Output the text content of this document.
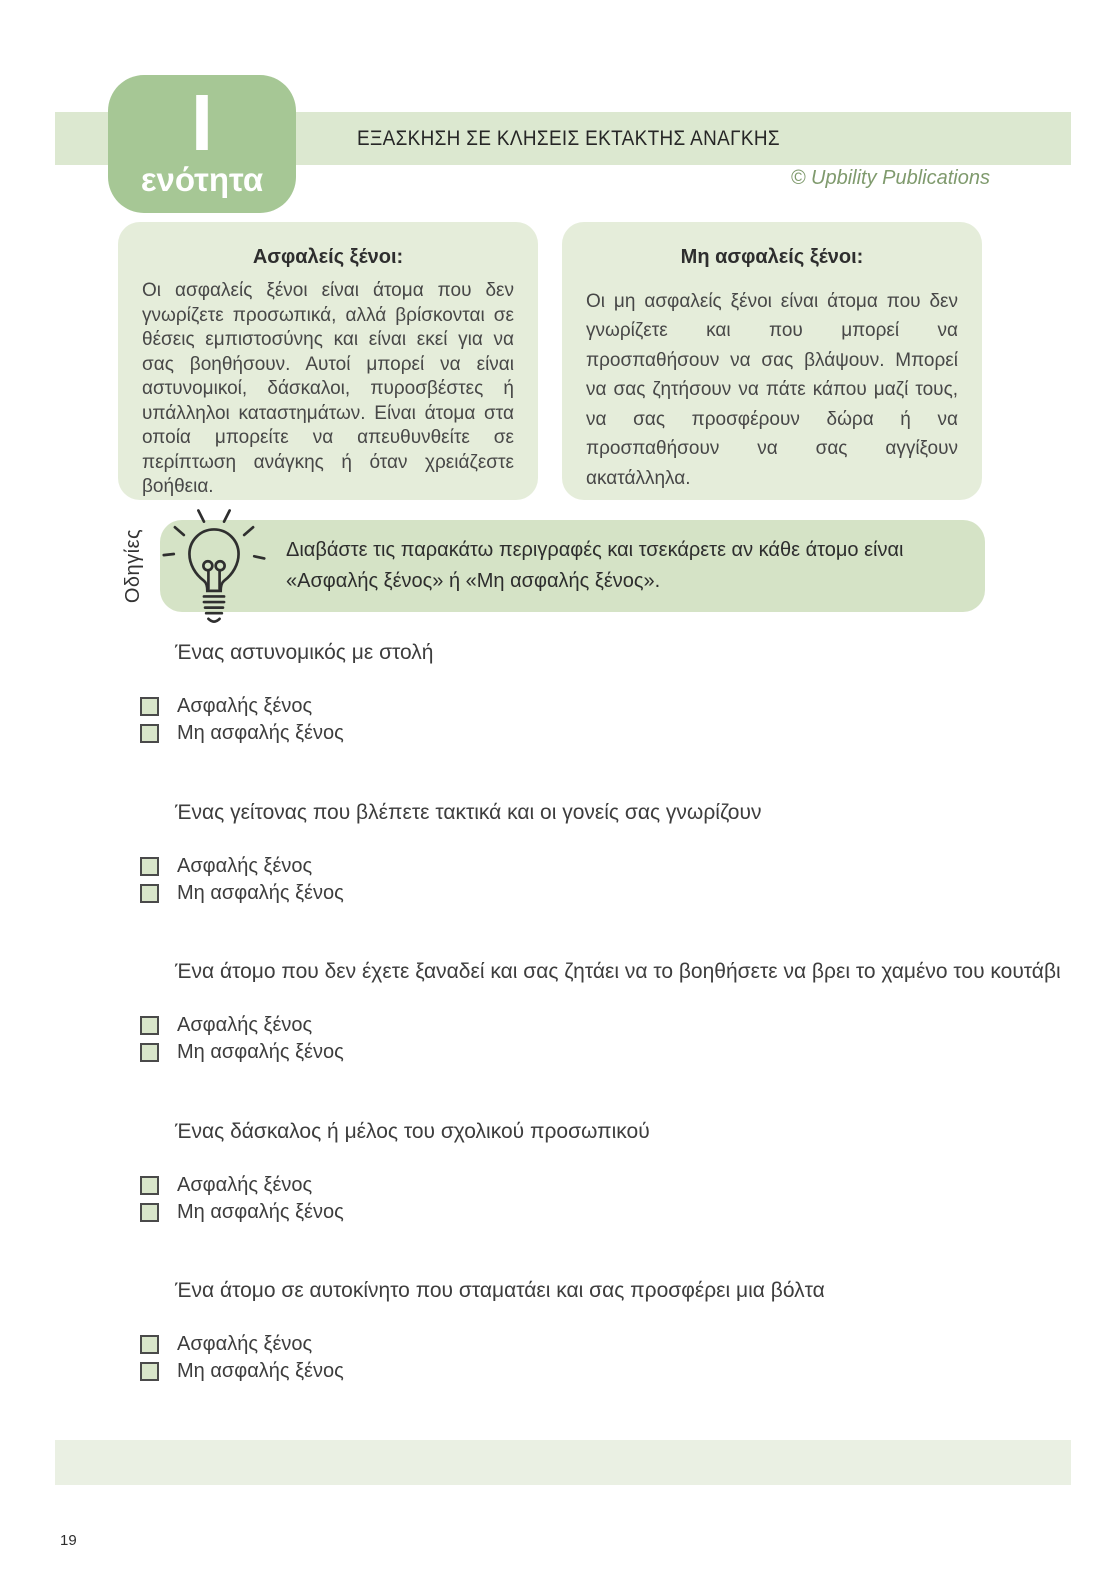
ΕΞΑΣΚΗΣΗ ΣΕ ΚΛΗΣΕΙΣ ΕΚΤΑΚΤΗΣ ΑΝΑΓΚΗΣ
Ι
ενότητα	© Upbility Publications
Ασφαλείς ξένοι:
Οι ασφαλείς ξένοι είναι άτομα που δεν γνωρίζετε προσωπικά, αλλά βρίσκονται σε θέσεις εμπιστοσύνης και είναι εκεί για να σας βοηθήσουν. Αυτοί μπορεί να είναι αστυνομικοί, δάσκαλοι, πυροσβέστες ή υπάλληλοι καταστημάτων. Είναι άτομα στα οποία μπορείτε να απευθυνθείτε σε περίπτωση ανάγκης ή όταν χρειάζεστε βοήθεια.
Μη ασφαλείς ξένοι:
Οι μη ασφαλείς ξένοι είναι άτομα που δεν γνωρίζετε και που μπορεί να προσπαθήσουν να σας βλάψουν. Μπορεί να σας ζητήσουν να πάτε κάπου μαζί τους, να σας προσφέρουν δώρα ή να προσπαθήσουν να σας αγγίξουν ακατάλληλα.
Οδηγίες	Διαβάστε τις παρακάτω περιγραφές και τσεκάρετε αν κάθε άτομο είναι «Ασφαλής ξένος» ή «Μη ασφαλής ξένος».

Ένας αστυνομικός με στολή

Ασφαλής ξένος
Μη ασφαλής ξένος

Ένας γείτονας που βλέπετε τακτικά και οι γονείς σας γνωρίζουν

Ασφαλής ξένος
Μη ασφαλής ξένος

Ένα άτομο που δεν έχετε ξαναδεί και σας ζητάει να το βοηθήσετε να βρει το χαμένο του κουτάβι

Ασφαλής ξένος
Μη ασφαλής ξένος

Ένας δάσκαλος ή μέλος του σχολικού προσωπικού

Ασφαλής ξένος
Μη ασφαλής ξένος

Ένα άτομο σε αυτοκίνητο που σταματάει και σας προσφέρει μια βόλτα

Ασφαλής ξένος
Μη ασφαλής ξένος
19
